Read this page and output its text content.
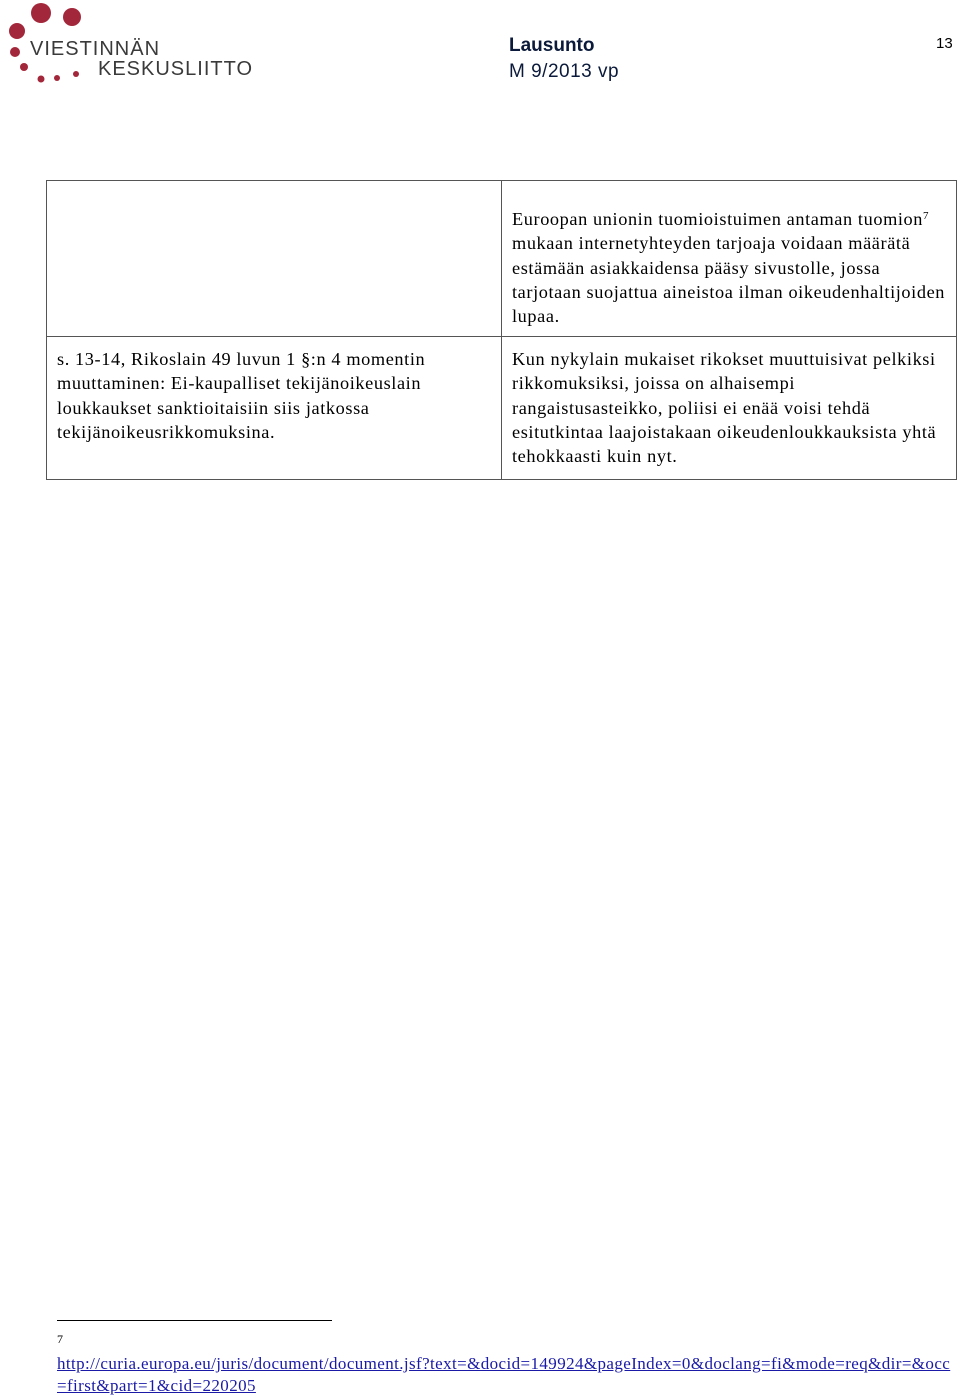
VIESTINNÄN
KESKUSLIITTO
Lausunto
M 9/2013 vp
13

	Euroopan unionin tuomioistuimen antaman tuomion$^7$ mukaan internetyhteyden tarjoaja voidaan määrätä estämään asiakkaidensa pääsy sivustolle, jossa tarjotaan suojattua aineistoa ilman oikeudenhaltijoiden lupaa.

s. 13-14, Rikoslain 49 luvun 1 §:n 4 momentin muuttaminen: Ei-kaupalliset tekijänoikeuslain loukkaukset sanktioitaisiin siis jatkossa tekijänoikeusrikkomuksina.	Kun nykylain mukaiset rikokset muuttuisivat pelkiksi rikkomuksiksi, joissa on alhaisempi rangaistusasteikko, poliisi ei enää voisi tehdä esitutkintaa laajoistakaan oikeudenloukkauksista yhtä tehokkaasti kuin nyt.
7
http://curia.europa.eu/juris/document/document.jsf?text=&docid=149924&pageIndex=0&doclang=fi&mode=req&dir=&occ=first&part=1&cid=220205
